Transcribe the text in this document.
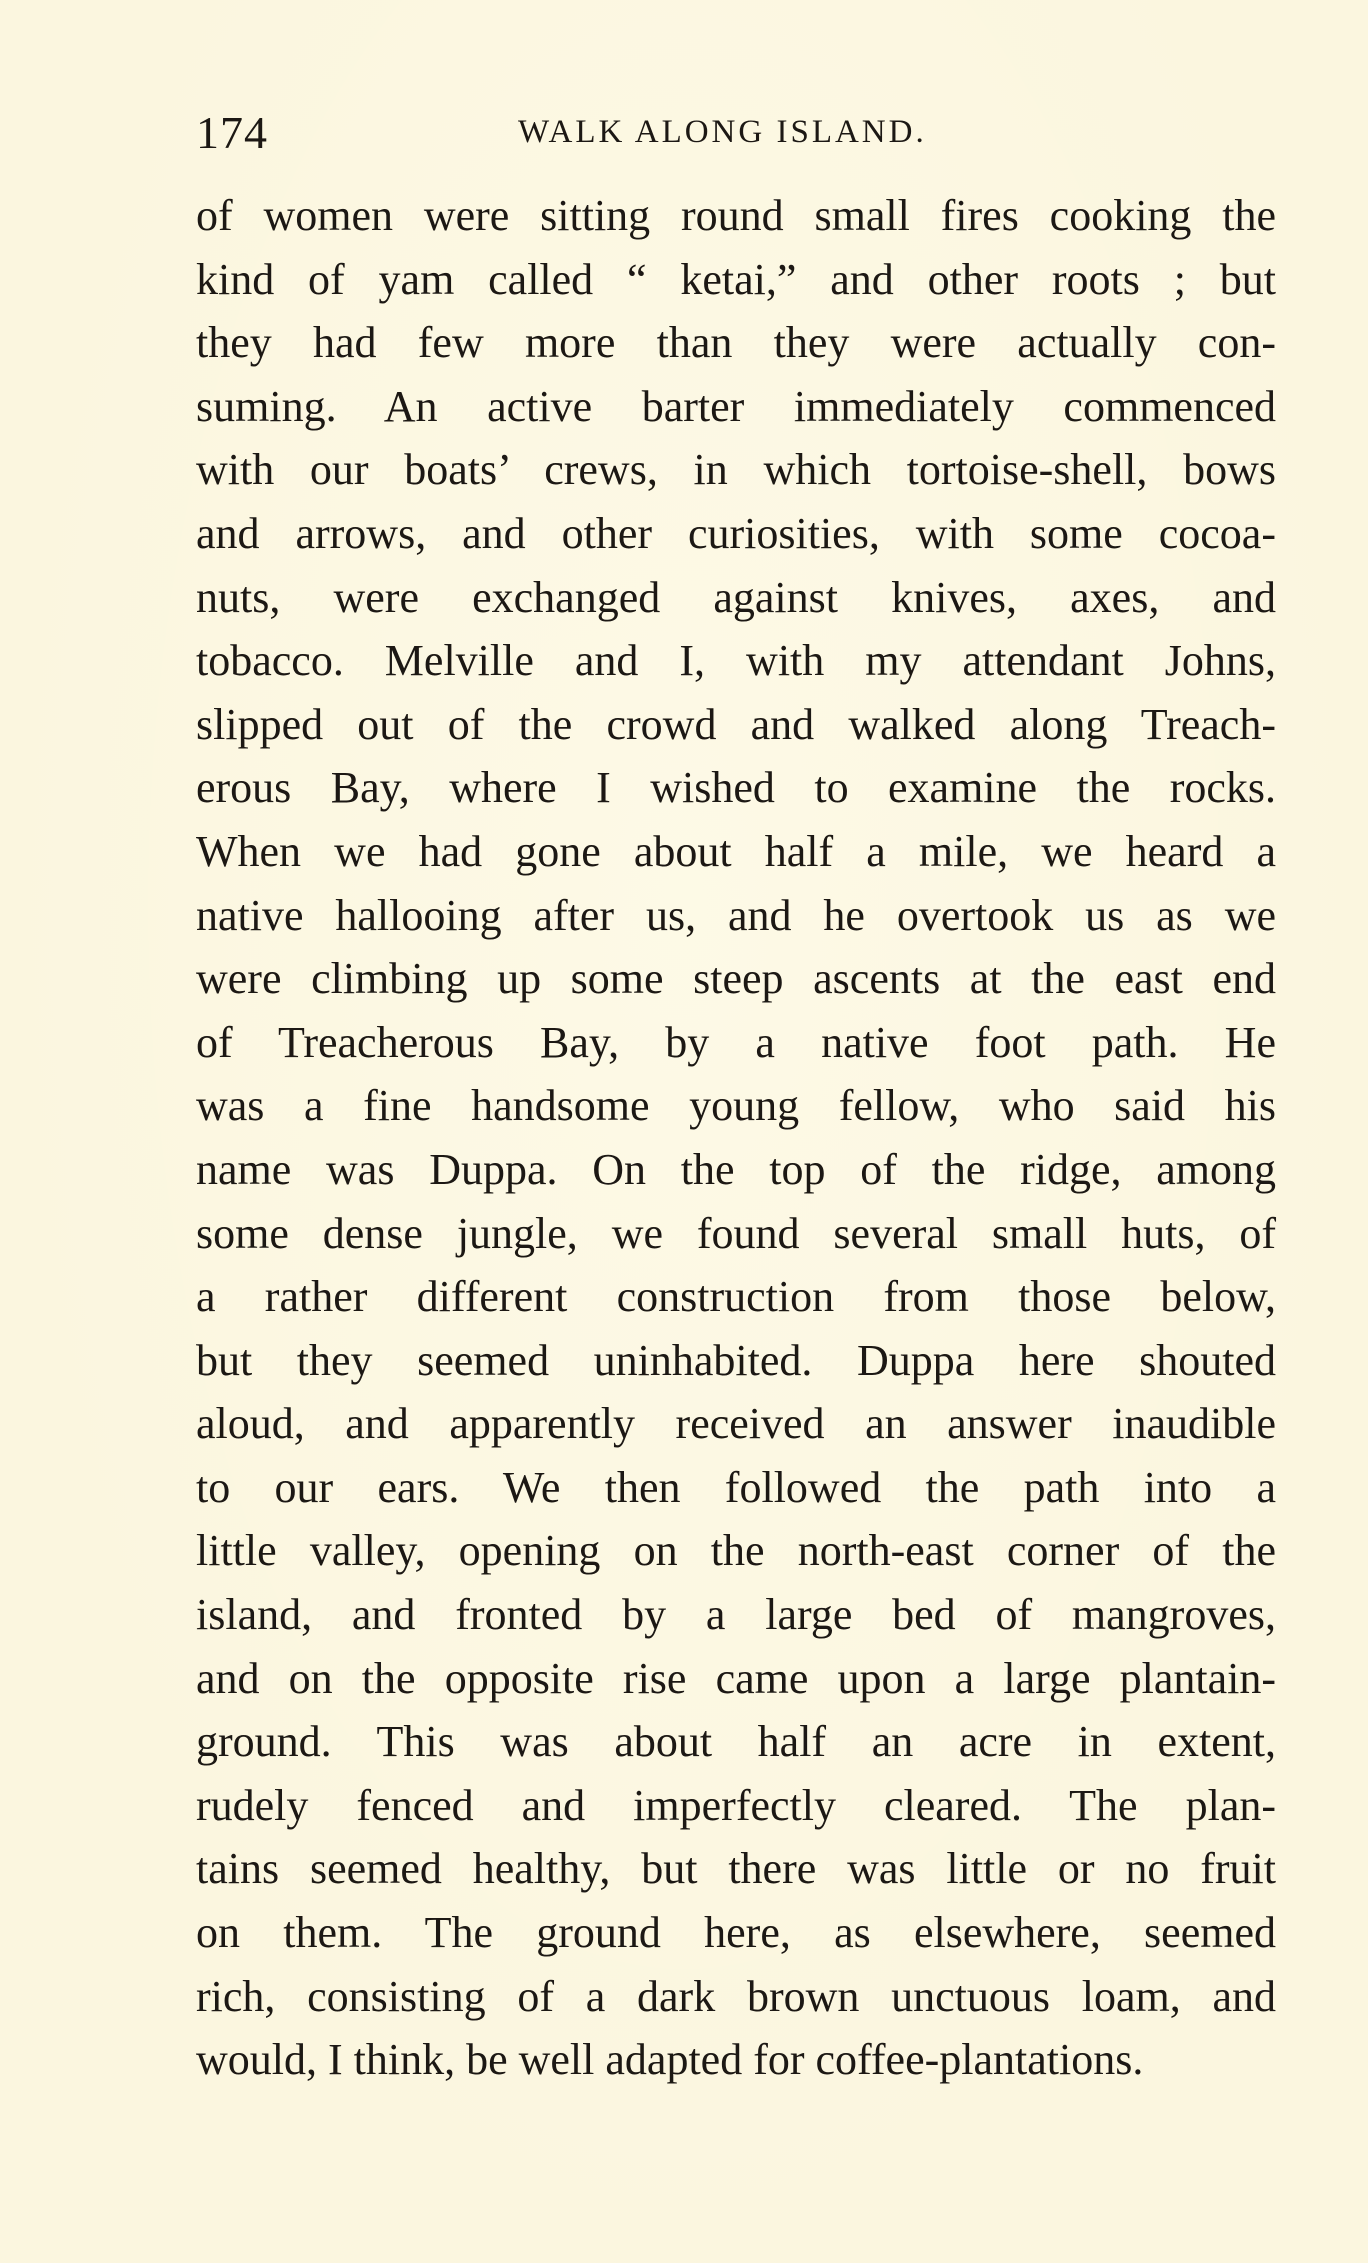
174	WALK ALONG ISLAND.
of women were sitting round small fires cooking the
kind of yam called “ ketai,” and other roots ; but
they had few more than they were actually con-
suming. An active barter immediately commenced
with our boats’ crews, in which tortoise-shell, bows
and arrows, and other curiosities, with some cocoa-
nuts, were exchanged against knives, axes, and
tobacco. Melville and I, with my attendant Johns,
slipped out of the crowd and walked along Treach-
erous Bay, where I wished to examine the rocks.
When we had gone about half a mile, we heard a
native hallooing after us, and he overtook us as we
were climbing up some steep ascents at the east end
of Treacherous Bay, by a native foot path. He
was a fine handsome young fellow, who said his
name was Duppa. On the top of the ridge, among
some dense jungle, we found several small huts, of
a rather different construction from those below,
but they seemed uninhabited. Duppa here shouted
aloud, and apparently received an answer inaudible
to our ears. We then followed the path into a
little valley, opening on the north-east corner of the
island, and fronted by a large bed of mangroves,
and on the opposite rise came upon a large plantain-
ground. This was about half an acre in extent,
rudely fenced and imperfectly cleared. The plan-
tains seemed healthy, but there was little or no fruit
on them. The ground here, as elsewhere, seemed
rich, consisting of a dark brown unctuous loam, and
would, I think, be well adapted for coffee-plantations.
